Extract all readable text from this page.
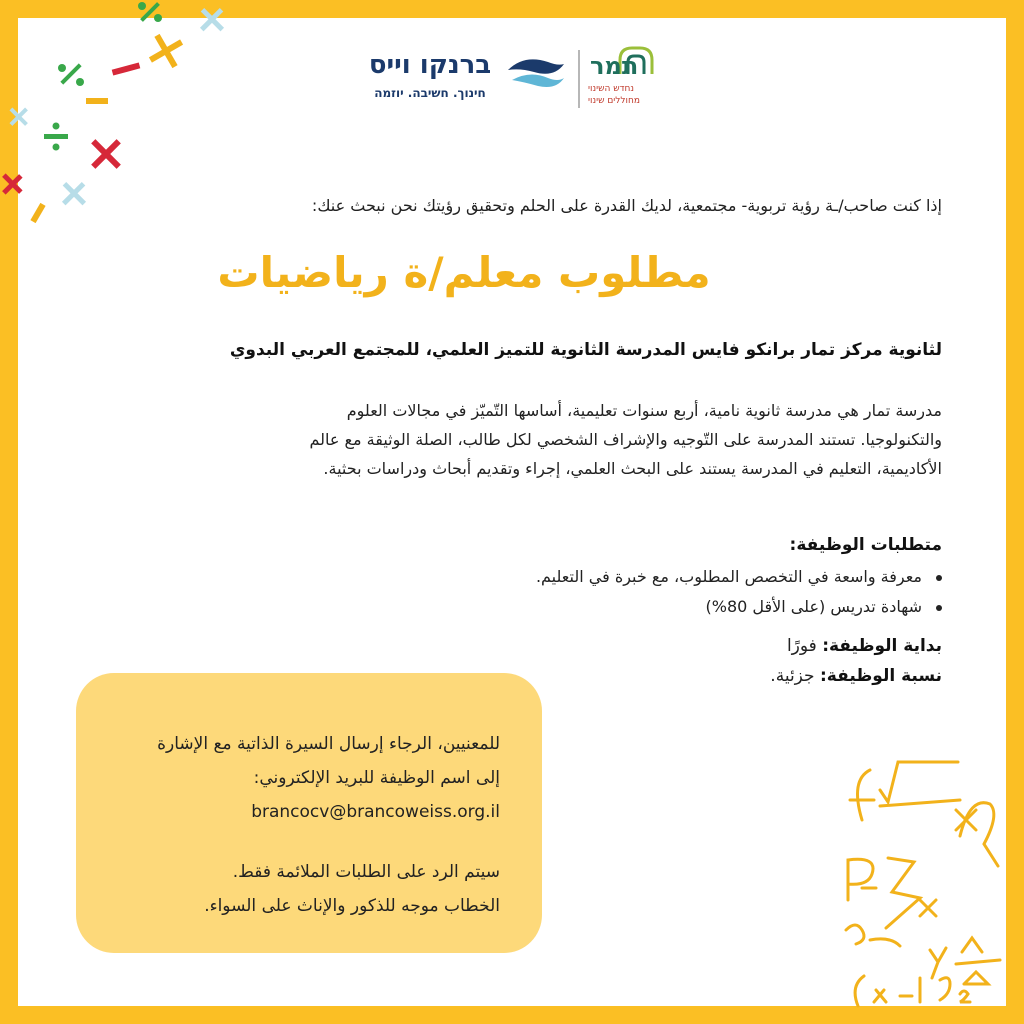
ברנקו וייס
חינוך. חשיבה. יוזמה
תמר
נחדש השינוי
מחוללים שינוי
إذا كنت صاحب/ـة رؤية تربوية- مجتمعية، لديك القدرة على الحلم وتحقيق رؤيتك نحن نبحث عنك:
مطلوب معلم/ة رياضيات
لثانوية مركز تمار برانكو فايس المدرسة الثانوية للتميز العلمي، للمجتمع العربي البدوي
مدرسة تمار هي مدرسة ثانوية نامية، أربع سنوات تعليمية، أساسها التّميّز في مجالات العلوم
والتكنولوجيا. تستند المدرسة على التّوجيه والإشراف الشخصي لكل طالب، الصلة الوثيقة مع عالم
الأكاديمية، التعليم في المدرسة يستند على البحث العلمي، إجراء وتقديم أبحاث ودراسات بحثية.
متطلبات الوظيفة:
معرفة واسعة في التخصص المطلوب، مع خبرة في التعليم.
شهادة تدريس (على الأقل 80%)
بداية الوظيفة: فورًا
نسبة الوظيفة: جزئية.
للمعنيين، الرجاء إرسال السيرة الذاتية مع الإشارة
إلى اسم الوظيفة للبريد الإلكتروني:
brancocv@brancoweiss.org.il
سيتم الرد على الطلبات الملائمة فقط.
الخطاب موجه للذكور والإناث على السواء.
